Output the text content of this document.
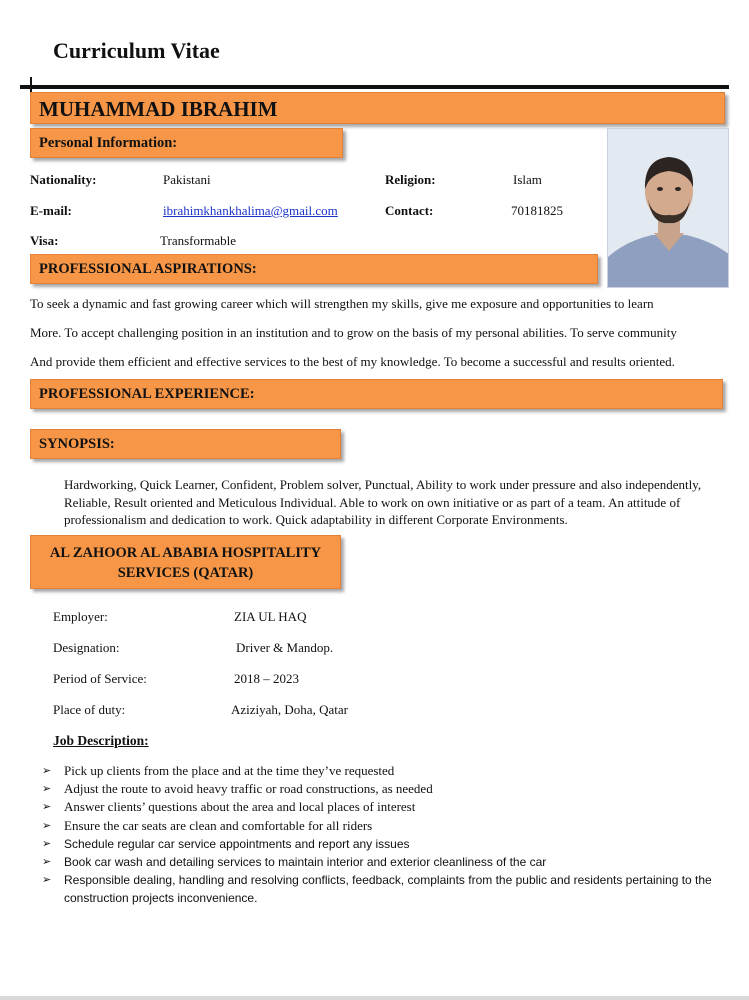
Curriculum Vitae
MUHAMMAD IBRAHIM
Personal Information:
Nationality:	Pakistani	Religion:	Islam
E-mail:	ibrahimkhankhalima@gmail.com	Contact:	70181825
Visa:	Transformable
PROFESSIONAL ASPIRATIONS:
To seek a dynamic and fast growing career which will strengthen my skills, give me exposure and opportunities to learn
More. To accept challenging position in an institution and to grow on the basis of my personal abilities. To serve community
And provide them efficient and effective services to the best of my knowledge. To become a successful and results oriented.
PROFESSIONAL EXPERIENCE:
SYNOPSIS:
Hardworking, Quick Learner, Confident, Problem solver, Punctual, Ability to work under pressure and also independently, Reliable, Result oriented and Meticulous Individual. Able to work on own initiative or as part of a team. An attitude of professionalism and dedication to work. Quick adaptability in different Corporate Environments.
AL ZAHOOR AL ABABIA HOSPITALITY
SERVICES (QATAR)
Employer:	ZIA UL HAQ
Designation:	Driver & Mandop.
Period of Service:	2018 – 2023
Place of duty:	Aziziyah, Doha, Qatar
Job Description:
➢ Pick up clients from the place and at the time they’ve requested
➢ Adjust the route to avoid heavy traffic or road constructions, as needed
➢ Answer clients’ questions about the area and local places of interest
➢ Ensure the car seats are clean and comfortable for all riders
➢ Schedule regular car service appointments and report any issues
➢ Book car wash and detailing services to maintain interior and exterior cleanliness of the car
➢ Responsible dealing, handling and resolving conflicts, feedback, complaints from the public and residents pertaining to the construction projects inconvenience.
